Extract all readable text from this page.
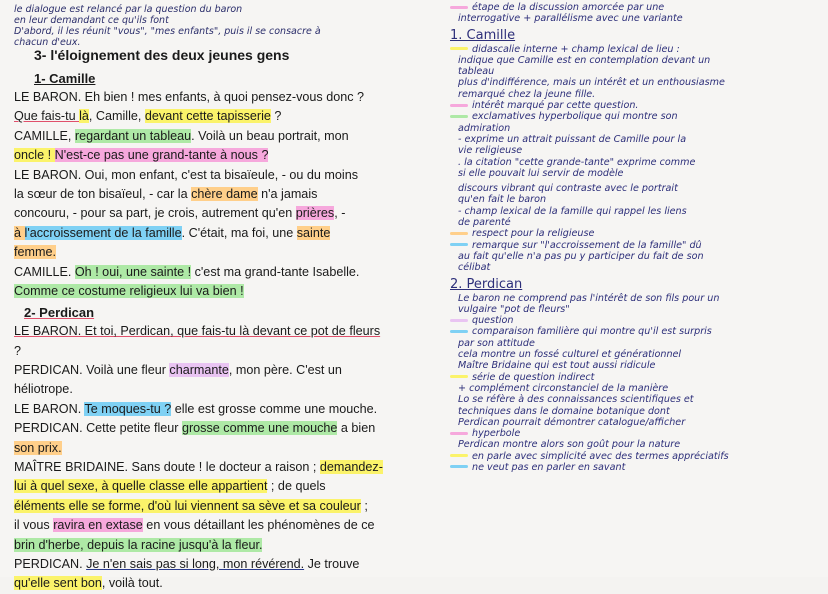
le dialogue est relancé par la question du baron
en leur demandant ce qu'ils font
D'abord, il les réunit "vous", "mes enfants", puis il se consacre à
chacun d'eux.
3- l'éloignement des deux jeunes gens
1- Camille
LE BARON. Eh bien ! mes enfants, à quoi pensez-vous donc ?
Que fais-tu là, Camille, devant cette tapisserie ?
CAMILLE, regardant un tableau. Voilà un beau portrait, mon
oncle ! N'est-ce pas une grand-tante à nous ?
LE BARON. Oui, mon enfant, c'est ta bisaïeule, - ou du moins
la sœur de ton bisaïeul, - car la chère dame n'a jamais
concouru, - pour sa part, je crois, autrement qu'en prières, -
à l'accroissement de la famille. C'était, ma foi, une sainte
femme.
CAMILLE. Oh ! oui, une sainte ! c'est ma grand-tante Isabelle.
Comme ce costume religieux lui va bien !
2- Perdican
LE BARON. Et toi, Perdican, que fais-tu là devant ce pot de fleurs
?
PERDICAN. Voilà une fleur charmante, mon père. C'est un
héliotrope.
LE BARON. Te moques-tu ? elle est grosse comme une mouche.
PERDICAN. Cette petite fleur grosse comme une mouche a bien
son prix.
MAÎTRE BRIDAINE. Sans doute ! le docteur a raison ; demandez-
lui à quel sexe, à quelle classe elle appartient ; de quels
éléments elle se forme, d'où lui viennent sa sève et sa couleur ;
il vous ravira en extase en vous détaillant les phénomènes de ce
brin d'herbe, depuis la racine jusqu'à la fleur.
PERDICAN. Je n'en sais pas si long, mon révérend. Je trouve
qu'elle sent bon, voilà tout.
étape de la discussion amorcée par une
interrogative + parallélisme avec une variante
1. Camille
didascalie interne + champ lexical de lieu :
indique que Camille est en contemplation devant un
tableau
plus d'indifférence, mais un intérêt et un enthousiasme
remarqué chez la jeune fille.
intérêt marqué par cette question.
exclamatives hyperbolique qui montre son
admiration
- exprime un attrait puissant de Camille pour la
vie religieuse
. la citation "cette grande-tante" exprime comme
si elle pouvait lui servir de modèle
discours vibrant qui contraste avec le portrait
qu'en fait le baron
- champ lexical de la famille qui rappel les liens
de parenté
respect pour la religieuse
remarque sur "l'accroissement de la famille" dû
au fait qu'elle n'a pas pu y participer du fait de son
célibat
2. Perdican
Le baron ne comprend pas l'intérêt de son fils pour un
vulgaire "pot de fleurs"
question
comparaison familière qui montre qu'il est surpris
par son attitude
cela montre un fossé culturel et générationnel
Maître Bridaine qui est tout aussi ridicule
série de question indirect
+ complément circonstanciel de la manière
Lo se réfère à des connaissances scientifiques et
techniques dans le domaine botanique dont
Perdican pourrait démontrer catalogue/afficher
hyperbole
Perdican montre alors son goût pour la nature
en parle avec simplicité avec des termes appréciatifs
ne veut pas en parler en savant
